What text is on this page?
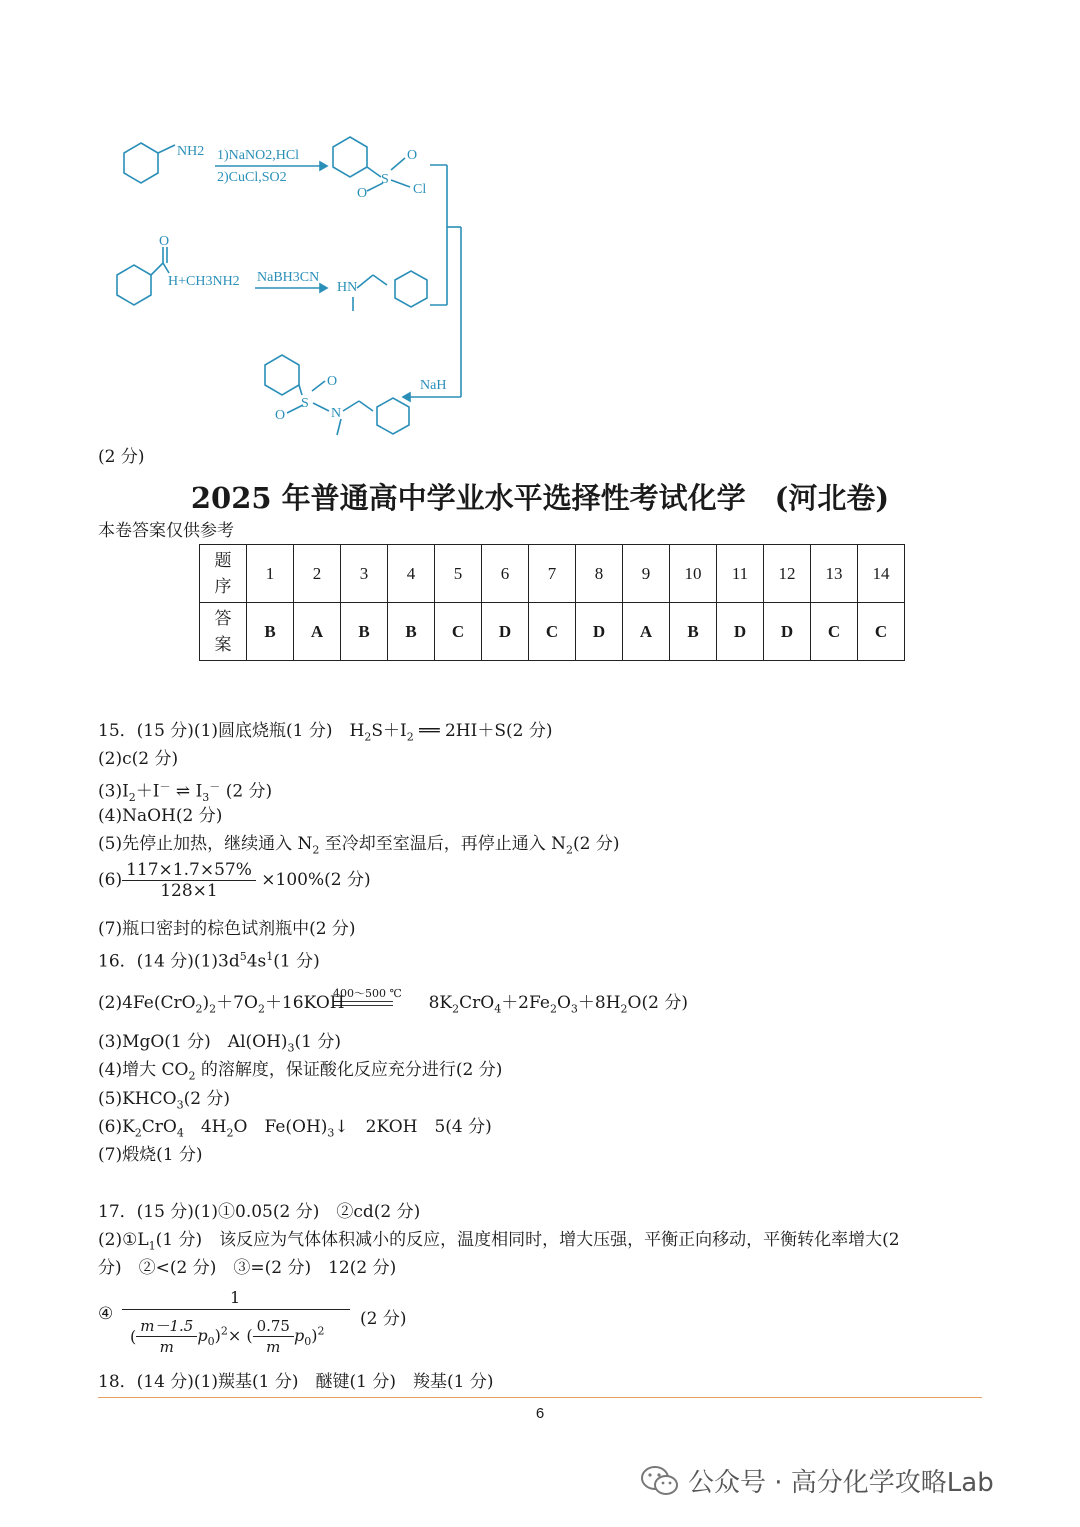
NH2 1)NaNO2,HCl
2)CuCl,SO2
O
S
O	Cl
O
H+CH3NH2 NaBH3CN
HN
NaH
O
S
O	N
(2 分)
2025 年普通高中学业水平选择性考试化学　(河北卷)
本卷答案仅供参考
题
序	1	2	3	4	5	6	7	8	9	10	11	12	13	14
答
案	B	A	B	B	C	D	C	D	A	B	D	D	C	C
15．(15 分)(1)圆底烧瓶(1 分)　$H_2S+I_2$ ══ 2HI＋S(2 分)
(2)c(2 分)
$(3)I_2+I^-$ ⇌ $I_3^-$ (2 分)
(4)NaOH(2 分)
(5)先停止加热，继续通入 $N_2$ 至冷却至室温后，再停止通入 $N_2(2$ 分)
$(6) \frac{117\times 1.7\times 57\%}{128\times 1} \times 100\%(2$ 分)
(7)瓶口密封的棕色试剂瓶中(2 分)
16．(14 分)$(1)3d^54s^1(1$ 分)
400～500 ℃
$(2)4Fe(CrO_2)_2+7O_2+16KOH$	$8K_2CrO_4+2Fe_2O_3+8H_2O(2$ 分)
(3)MgO(1 分)　$Al(OH)_3(1$ 分)
(4)增大 $CO_2$ 的溶解度，保证酸化反应充分进行(2 分)
$(5)KHCO_3(2$ 分)
$(6)K_2CrO_4$　$4H_2O$　$Fe(OH)_3↓$　2KOH　5(4 分)
(7)煅烧(1 分)
17．(15 分)(1)①0.05(2 分)　②cd(2 分)
$(2)①L_1(1$ 分)　该反应为气体体积减小的反应，温度相同时，增大压强，平衡正向移动，平衡转化率增大(2
分)　②<(2 分)　③=(2 分)　12(2 分)
④
1
( $\frac{m-1.5}{m} p_0)^2\times$ ( $\frac{0.75}{m} p_0)^2$
(2 分)
18．(14 分)(1)羰基(1 分)　醚键(1 分)　羧基(1 分)
6
公众号 · 高分化学攻略Lab
